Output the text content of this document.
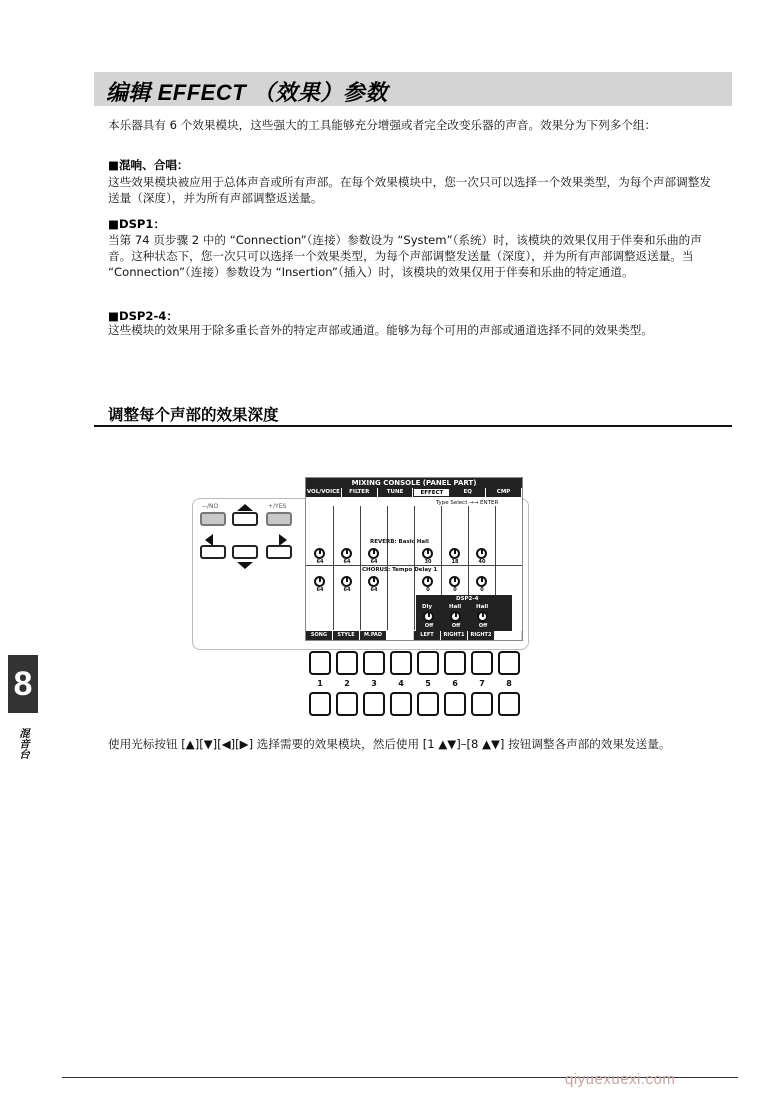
编辑 EFFECT （效果）参数

本乐器具有 6 个效果模块，这些强大的工具能够充分增强或者完全改变乐器的声音。效果分为下列多个组：

■混响、合唱：

这些效果模块被应用于总体声音或所有声部。在每个效果模块中，您一次只可以选择一个效果类型，为每个声部调整发送量（深度），并为所有声部调整返送量。

■DSP1：

当第 74 页步骤 2 中的 “Connection”（连接）参数设为 “System”（系统）时，该模块的效果仅用于伴奏和乐曲的声音。这种状态下，您一次只可以选择一个效果类型，为每个声部调整发送量（深度），并为所有声部调整返送量。当 “Connection”（连接）参数设为 “Insertion”（插入）时，该模块的效果仅用于伴奏和乐曲的特定通道。

■DSP2-4：

这些模块的效果用于除多重长音外的特定声部或通道。能够为每个可用的声部或通道选择不同的效果类型。

调整每个声部的效果深度
−/NO	+/YES
MIXING CONSOLE (PANEL PART)
VOL/VOICE	FILTER	TUNE	EFFECT	EQ	CMP
Type Select →→ ENTER
REVERB: Basic Hall
CHORUS: Tempo Delay 1
64	64	64	30	18	40
64	64	64	0	0	0
DSP2-4
Dly	Hall	Hall
Off	Off	Off
SONG	STYLE	M.PAD	LEFT	RIGHT1	RIGHT2
1	2	3	4	5	6	7	8
8
混音台	使用光标按钮 [▲][▼][◀][▶] 选择需要的效果模块，然后使用 [1 ▲▼]–[8 ▲▼] 按钮调整各声部的效果发送量。

qiyuexuexi.com
